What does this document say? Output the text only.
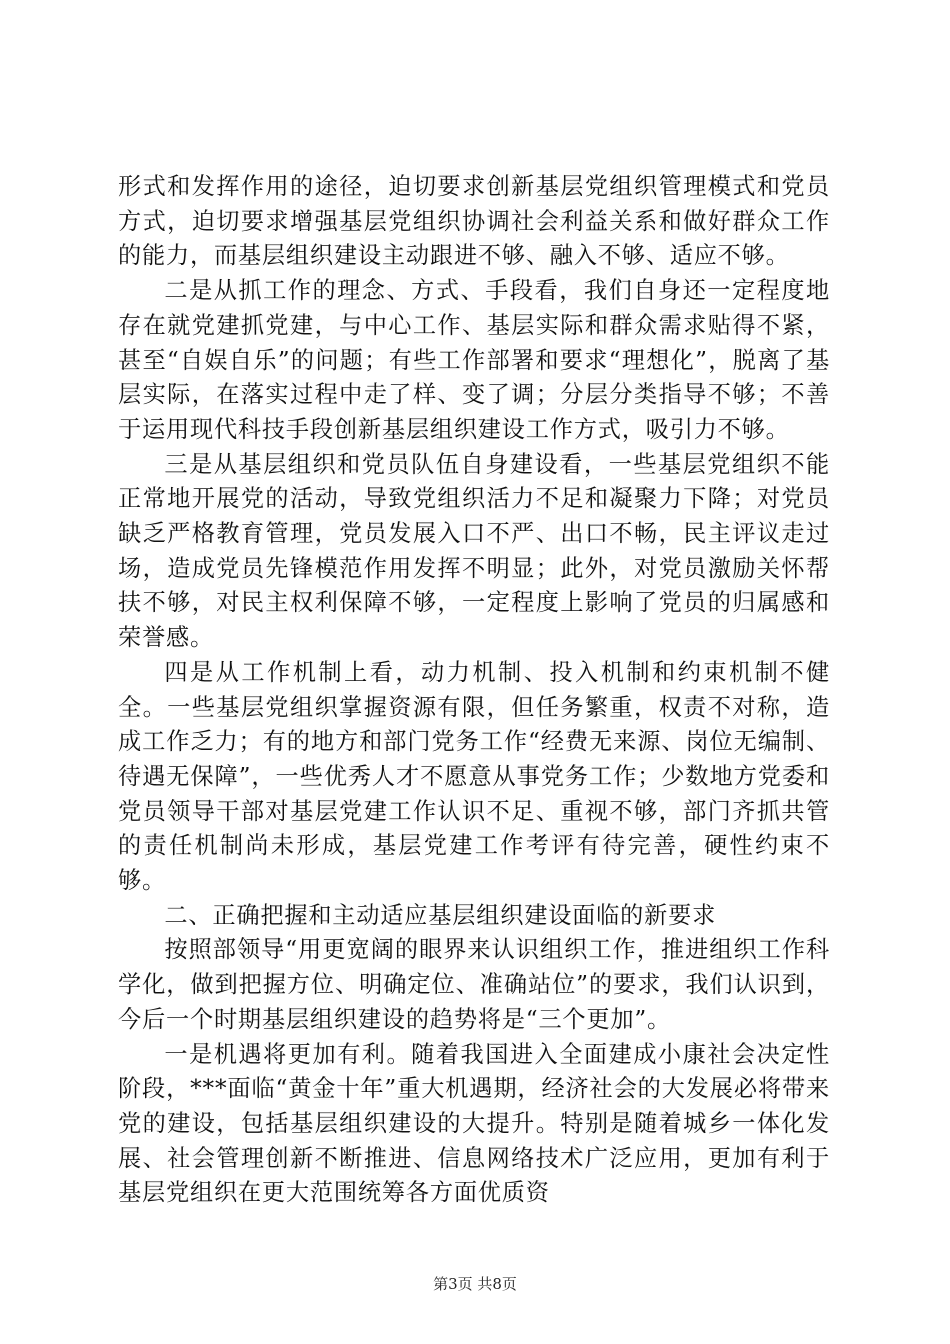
形式和发挥作用的途径，迫切要求创新基层党组织管理模式和党员方式，迫切要求增强基层党组织协调社会利益关系和做好群众工作的能力，而基层组织建设主动跟进不够、融入不够、适应不够。

二是从抓工作的理念、方式、手段看，我们自身还一定程度地存在就党建抓党建，与中心工作、基层实际和群众需求贴得不紧，甚至“自娱自乐”的问题；有些工作部署和要求“理想化”，脱离了基层实际，在落实过程中走了样、变了调；分层分类指导不够；不善于运用现代科技手段创新基层组织建设工作方式，吸引力不够。

三是从基层组织和党员队伍自身建设看，一些基层党组织不能正常地开展党的活动，导致党组织活力不足和凝聚力下降；对党员缺乏严格教育管理，党员发展入口不严、出口不畅，民主评议走过场，造成党员先锋模范作用发挥不明显；此外，对党员激励关怀帮扶不够，对民主权利保障不够，一定程度上影响了党员的归属感和荣誉感。

四是从工作机制上看，动力机制、投入机制和约束机制不健全。一些基层党组织掌握资源有限，但任务繁重，权责不对称，造成工作乏力；有的地方和部门党务工作“经费无来源、岗位无编制、待遇无保障”，一些优秀人才不愿意从事党务工作；少数地方党委和党员领导干部对基层党建工作认识不足、重视不够，部门齐抓共管的责任机制尚未形成，基层党建工作考评有待完善，硬性约束不够。

二、正确把握和主动适应基层组织建设面临的新要求

按照部领导“用更宽阔的眼界来认识组织工作，推进组织工作科学化，做到把握方位、明确定位、准确站位”的要求，我们认识到，今后一个时期基层组织建设的趋势将是“三个更加”。

一是机遇将更加有利。随着我国进入全面建成小康社会决定性阶段，***面临“黄金十年”重大机遇期，经济社会的大发展必将带来党的建设，包括基层组织建设的大提升。特别是随着城乡一体化发展、社会管理创新不断推进、信息网络技术广泛应用，更加有利于基层党组织在更大范围统筹各方面优质资

第3页 共8页
